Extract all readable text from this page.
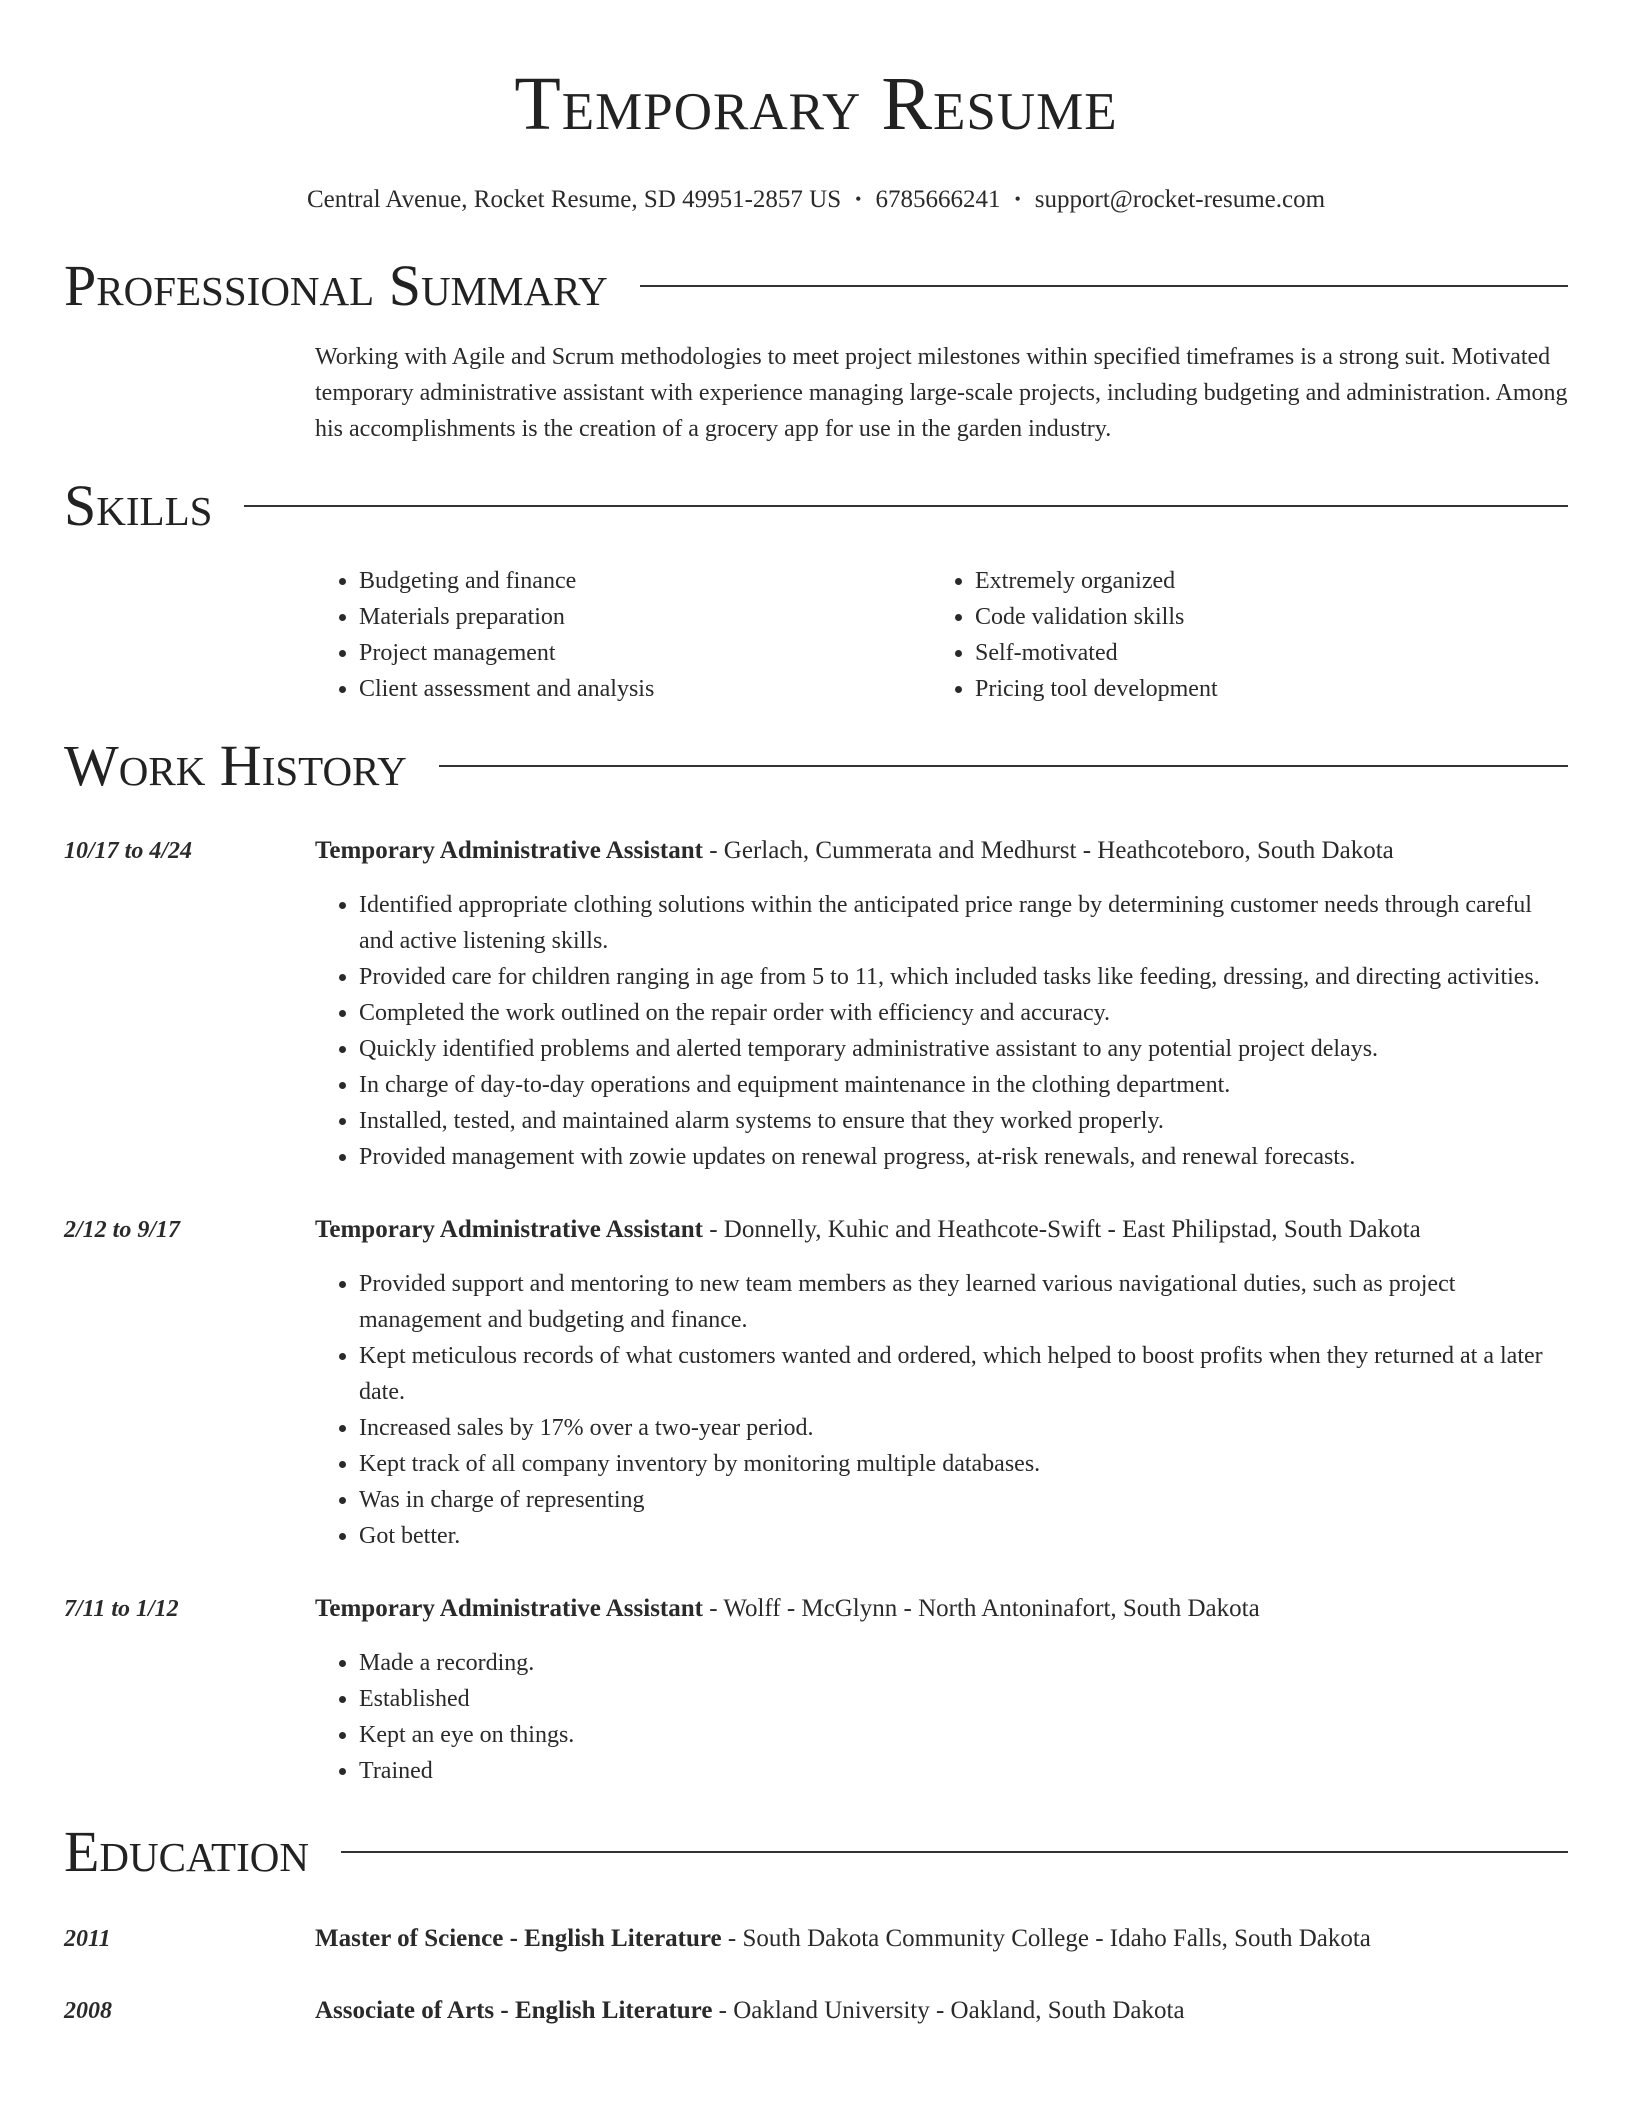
Temporary Resume
Central Avenue, Rocket Resume, SD 49951-2857 US • 6785666241 • support@rocket-resume.com
Professional Summary
Working with Agile and Scrum methodologies to meet project milestones within specified timeframes is a strong suit. Motivated temporary administrative assistant with experience managing large-scale projects, including budgeting and administration. Among his accomplishments is the creation of a grocery app for use in the garden industry.
Skills
• Budgeting and finance
• Materials preparation
• Project management
• Client assessment and analysis
• Extremely organized
• Code validation skills
• Self-motivated
• Pricing tool development
Work History
10/17 to 4/24	Temporary Administrative Assistant - Gerlach, Cummerata and Medhurst - Heathcoteboro, South Dakota
• Identified appropriate clothing solutions within the anticipated price range by determining customer needs through careful and active listening skills.
• Provided care for children ranging in age from 5 to 11, which included tasks like feeding, dressing, and directing activities.
• Completed the work outlined on the repair order with efficiency and accuracy.
• Quickly identified problems and alerted temporary administrative assistant to any potential project delays.
• In charge of day-to-day operations and equipment maintenance in the clothing department.
• Installed, tested, and maintained alarm systems to ensure that they worked properly.
• Provided management with zowie updates on renewal progress, at-risk renewals, and renewal forecasts.
2/12 to 9/17	Temporary Administrative Assistant - Donnelly, Kuhic and Heathcote-Swift - East Philipstad, South Dakota
• Provided support and mentoring to new team members as they learned various navigational duties, such as project management and budgeting and finance.
• Kept meticulous records of what customers wanted and ordered, which helped to boost profits when they returned at a later date.
• Increased sales by 17% over a two-year period.
• Kept track of all company inventory by monitoring multiple databases.
• Was in charge of representing
• Got better.
7/11 to 1/12	Temporary Administrative Assistant - Wolff - McGlynn - North Antoninafort, South Dakota
• Made a recording.
• Established
• Kept an eye on things.
• Trained
Education
2011	Master of Science - English Literature - South Dakota Community College - Idaho Falls, South Dakota
2008	Associate of Arts - English Literature - Oakland University - Oakland, South Dakota
